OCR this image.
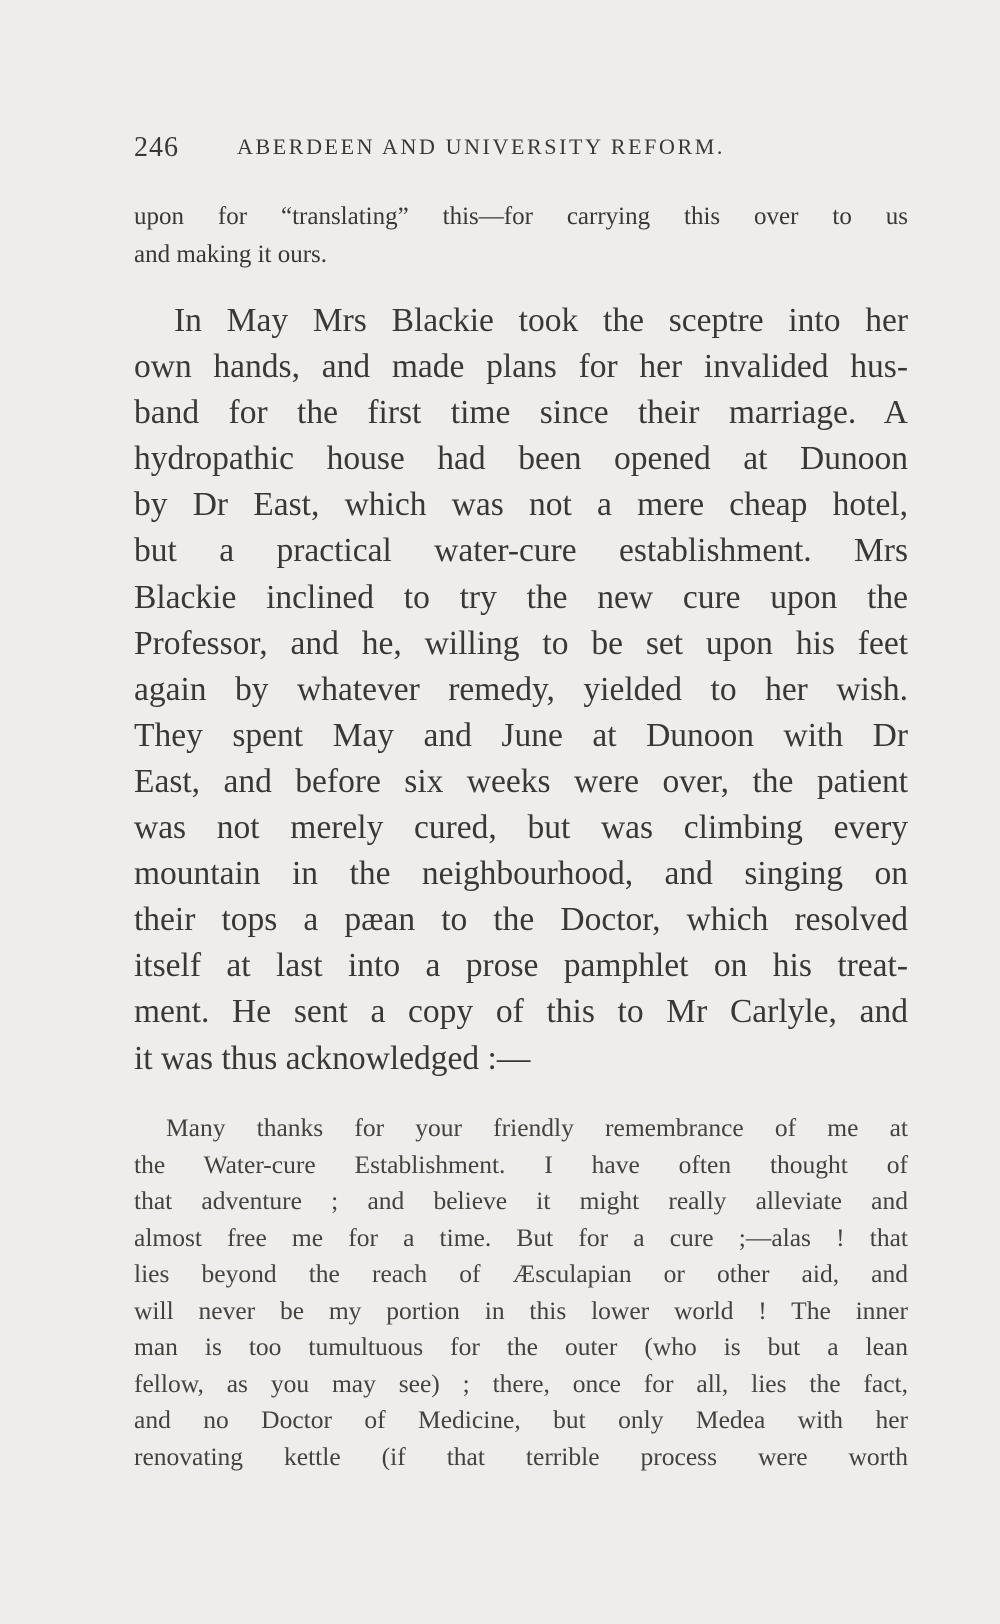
246	ABERDEEN AND UNIVERSITY REFORM.
upon for “translating” this—for carrying this over to us
and making it ours.
In May Mrs Blackie took the sceptre into her
own hands, and made plans for her invalided hus-
band for the first time since their marriage. A
hydropathic house had been opened at Dunoon
by Dr East, which was not a mere cheap hotel,
but a practical water-cure establishment. Mrs
Blackie inclined to try the new cure upon the
Professor, and he, willing to be set upon his feet
again by whatever remedy, yielded to her wish.
They spent May and June at Dunoon with Dr
East, and before six weeks were over, the patient
was not merely cured, but was climbing every
mountain in the neighbourhood, and singing on
their tops a pæan to the Doctor, which resolved
itself at last into a prose pamphlet on his treat-
ment. He sent a copy of this to Mr Carlyle, and
it was thus acknowledged :—
Many thanks for your friendly remembrance of me at
the Water-cure Establishment. I have often thought of
that adventure ; and believe it might really alleviate and
almost free me for a time. But for a cure ;—alas ! that
lies beyond the reach of Æsculapian or other aid, and
will never be my portion in this lower world ! The inner
man is too tumultuous for the outer (who is but a lean
fellow, as you may see) ; there, once for all, lies the fact,
and no Doctor of Medicine, but only Medea with her
renovating kettle (if that terrible process were worth
